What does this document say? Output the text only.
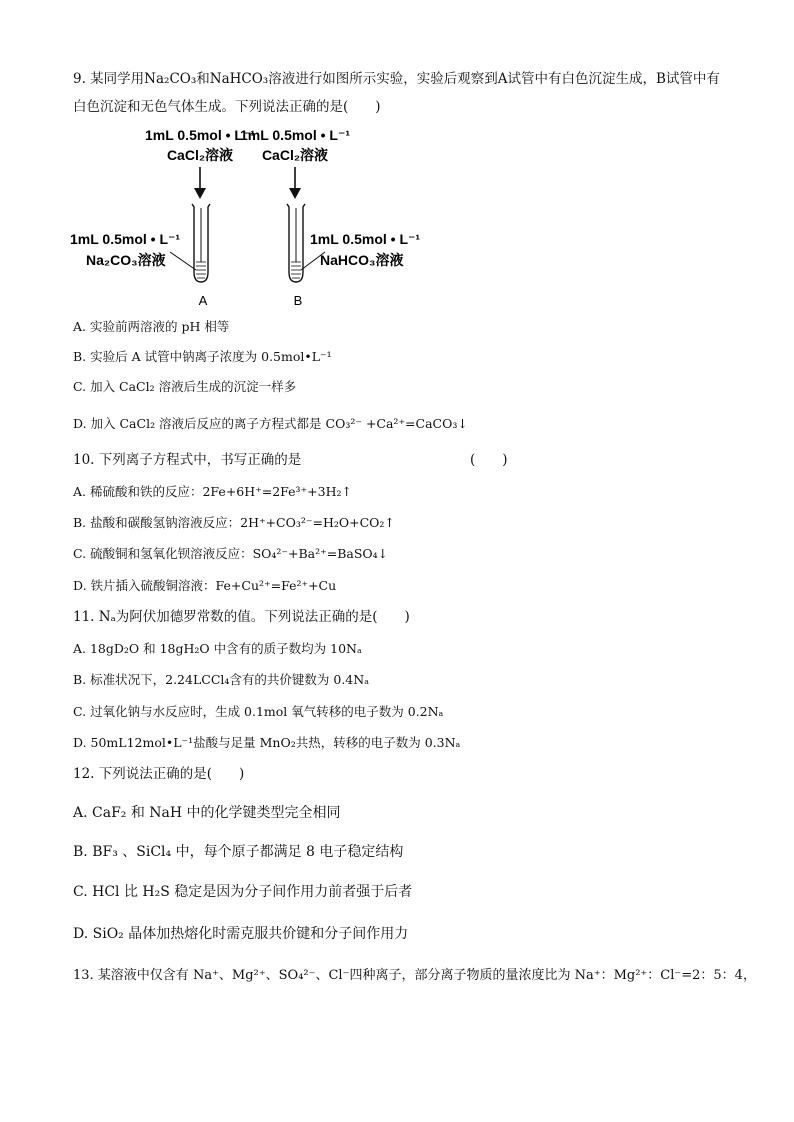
9. 某同学用Na₂CO₃和NaHCO₃溶液进行如图所示实验，实验后观察到A试管中有白色沉淀生成，B试管中有
白色沉淀和无色气体生成。下列说法正确的是(　　)
1mL 0.5mol • L⁻¹
CaCl₂溶液
1mL 0.5mol • L⁻¹
CaCl₂溶液
1mL 0.5mol • L⁻¹
Na₂CO₃溶液
1mL 0.5mol • L⁻¹
NaHCO₃溶液
A	B
A. 实验前两溶液的 pH 相等
B. 实验后 A 试管中钠离子浓度为 0.5mol•L⁻¹
C. 加入 CaCl₂ 溶液后生成的沉淀一样多
D. 加入 CaCl₂ 溶液后反应的离子方程式都是 CO₃²⁻ +Ca²⁺=CaCO₃↓
10. 下列离子方程式中，书写正确的是	(　　)
A. 稀硫酸和铁的反应：2Fe+6H⁺=2Fe³⁺+3H₂↑
B. 盐酸和碳酸氢钠溶液反应：2H⁺+CO₃²⁻=H₂O+CO₂↑
C. 硫酸铜和氢氧化钡溶液反应：SO₄²⁻+Ba²⁺=BaSO₄↓
D. 铁片插入硫酸铜溶液：Fe+Cu²⁺=Fe²⁺+Cu
11. Nₐ为阿伏加德罗常数的值。下列说法正确的是(　　)
A. 18gD₂O 和 18gH₂O 中含有的质子数均为 10Nₐ
B. 标准状况下，2.24LCCl₄含有的共价键数为 0.4Nₐ
C. 过氧化钠与水反应时，生成 0.1mol 氧气转移的电子数为 0.2Nₐ
D. 50mL12mol•L⁻¹盐酸与足量 MnO₂共热，转移的电子数为 0.3Nₐ
12. 下列说法正确的是(　　)
A. CaF₂ 和 NaH 中的化学键类型完全相同
B. BF₃ 、SiCl₄ 中，每个原子都满足 8 电子稳定结构
C. HCl 比 H₂S 稳定是因为分子间作用力前者强于后者
D. SiO₂ 晶体加热熔化时需克服共价键和分子间作用力
13. 某溶液中仅含有 Na⁺、Mg²⁺、SO₄²⁻、Cl⁻四种离子，部分离子物质的量浓度比为 Na⁺：Mg²⁺：Cl⁻=2：5：4，
